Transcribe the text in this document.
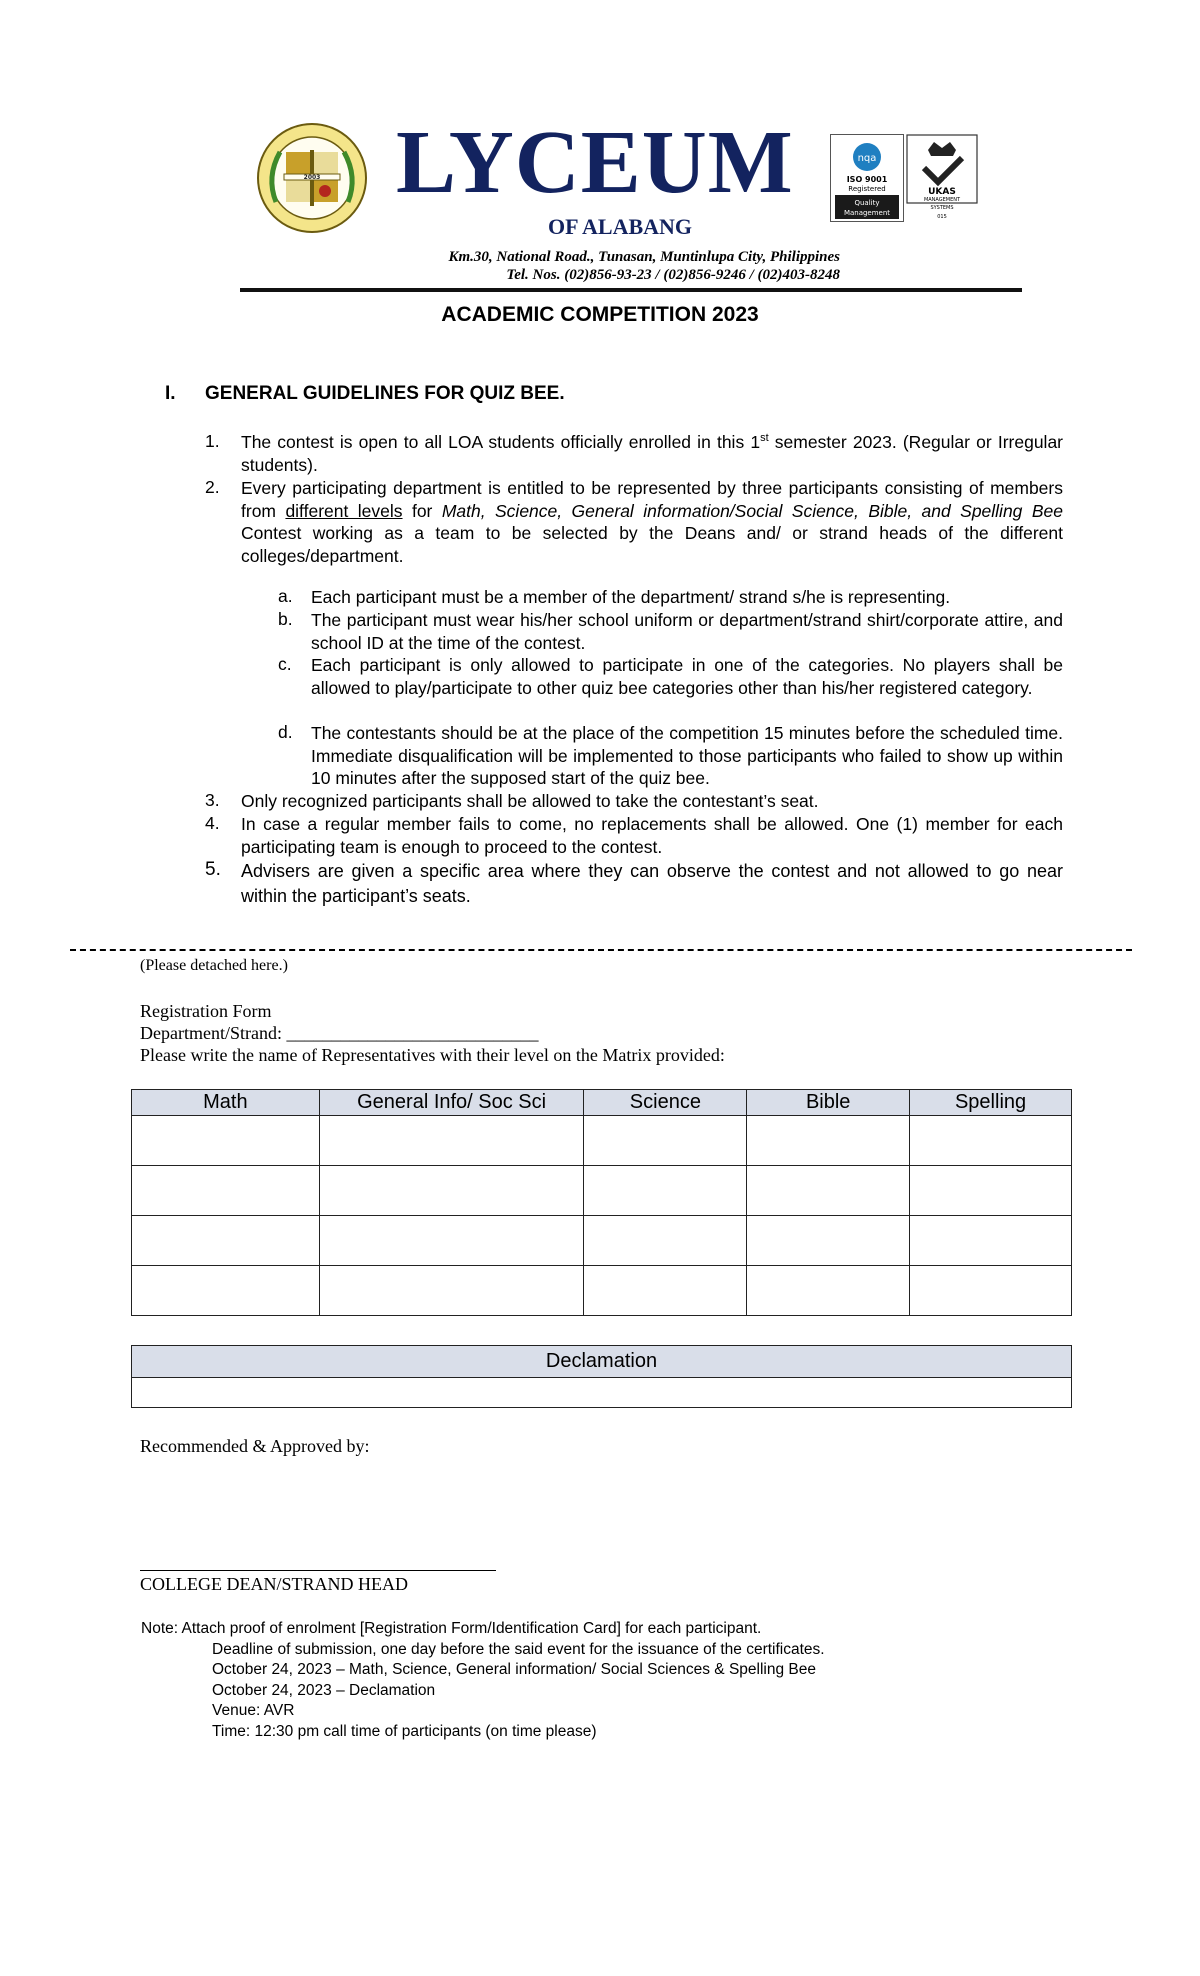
2003 LYCEUM
OF ALABANG
nqa
ISO 9001
Registered
Quality
Management
UKAS
MANAGEMENT
SYSTEMS
015
Km.30, National Road., Tunasan, Muntinlupa City, Philippines
Tel. Nos. (02)856-93-23 / (02)856-9246 / (02)403-8248
ACADEMIC COMPETITION 2023
I. GENERAL GUIDELINES FOR QUIZ BEE.
1. The contest is open to all LOA students officially enrolled in this 1st semester 2023. (Regular or Irregular students).
2. Every participating department is entitled to be represented by three participants consisting of members from different levels for Math, Science, General information/Social Science, Bible, and Spelling Bee Contest working as a team to be selected by the Deans and/ or strand heads of the different colleges/department.
a. Each participant must be a member of the department/ strand s/he is representing.
b. The participant must wear his/her school uniform or department/strand shirt/corporate attire, and school ID at the time of the contest.
c. Each participant is only allowed to participate in one of the categories. No players shall be allowed to play/participate to other quiz bee categories other than his/her registered category.
d. The contestants should be at the place of the competition 15 minutes before the scheduled time. Immediate disqualification will be implemented to those participants who failed to show up within 10 minutes after the supposed start of the quiz bee.
3. Only recognized participants shall be allowed to take the contestant’s seat.
4. In case a regular member fails to come, no replacements shall be allowed. One (1) member for each participating team is enough to proceed to the contest.
5. Advisers are given a specific area where they can observe the contest and not allowed to go near within the participant’s seats.
(Please detached here.)
Registration Form
Department/Strand: ____________________________
Please write the name of Representatives with their level on the Matrix provided:
Math	General Info/ Soc Sci	Science	Bible	Spelling

Declamation

Recommended & Approved by:
COLLEGE DEAN/STRAND HEAD
Note: Attach proof of enrolment [Registration Form/Identification Card] for each participant.
Deadline of submission, one day before the said event for the issuance of the certificates.
October 24, 2023 – Math, Science, General information/ Social Sciences & Spelling Bee
October 24, 2023 – Declamation
Venue: AVR
Time: 12:30 pm call time of participants (on time please)
